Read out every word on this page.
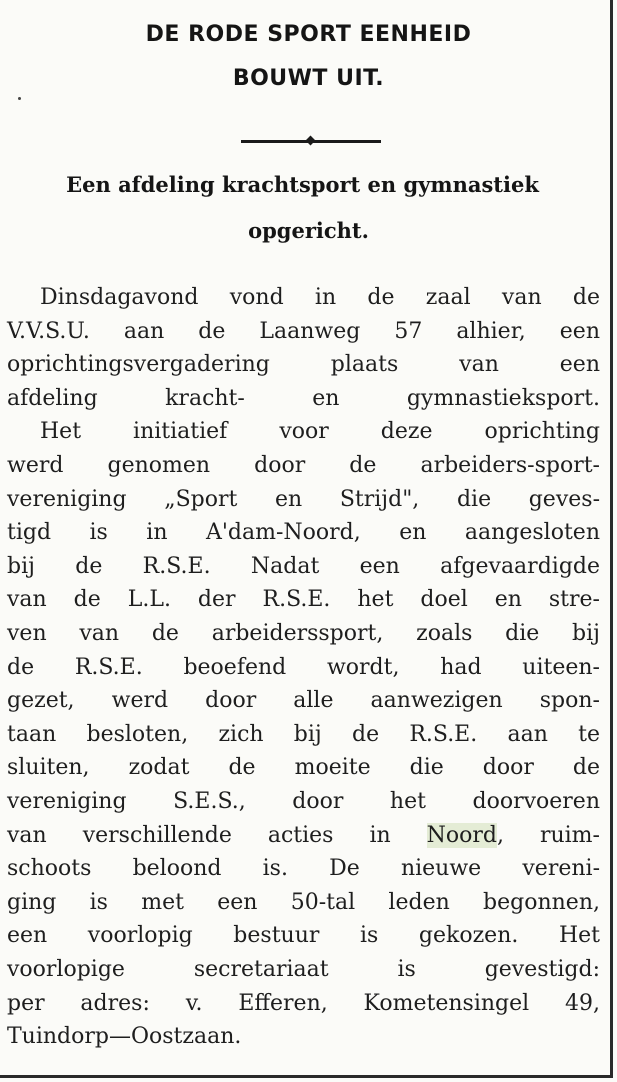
DE RODE SPORT EENHEID
BOUWT UIT.
Een afdeling krachtsport en gymnastiek
opgericht.
Dinsdagavond vond in de zaal van de
V.V.S.U. aan de Laanweg 57 alhier, een
oprichtingsvergadering plaats van een
afdeling kracht- en gymnastieksport.
Het initiatief voor deze oprichting
werd genomen door de arbeiders-sport-
vereniging „Sport en Strijd", die geves-
tigd is in A'dam-Noord, en aangesloten
bij de R.S.E. Nadat een afgevaardigde
van de L.L. der R.S.E. het doel en stre-
ven van de arbeiderssport, zoals die bij
de R.S.E. beoefend wordt, had uiteen-
gezet, werd door alle aanwezigen spon-
taan besloten, zich bij de R.S.E. aan te
sluiten, zodat de moeite die door de
vereniging S.E.S., door het doorvoeren
van verschillende acties in Noord, ruim-
schoots beloond is. De nieuwe vereni-
ging is met een 50-tal leden begonnen,
een voorlopig bestuur is gekozen. Het
voorlopige secretariaat is gevestigd:
per adres: v. Efferen, Kometensingel 49,
Tuindorp—Oostzaan.
